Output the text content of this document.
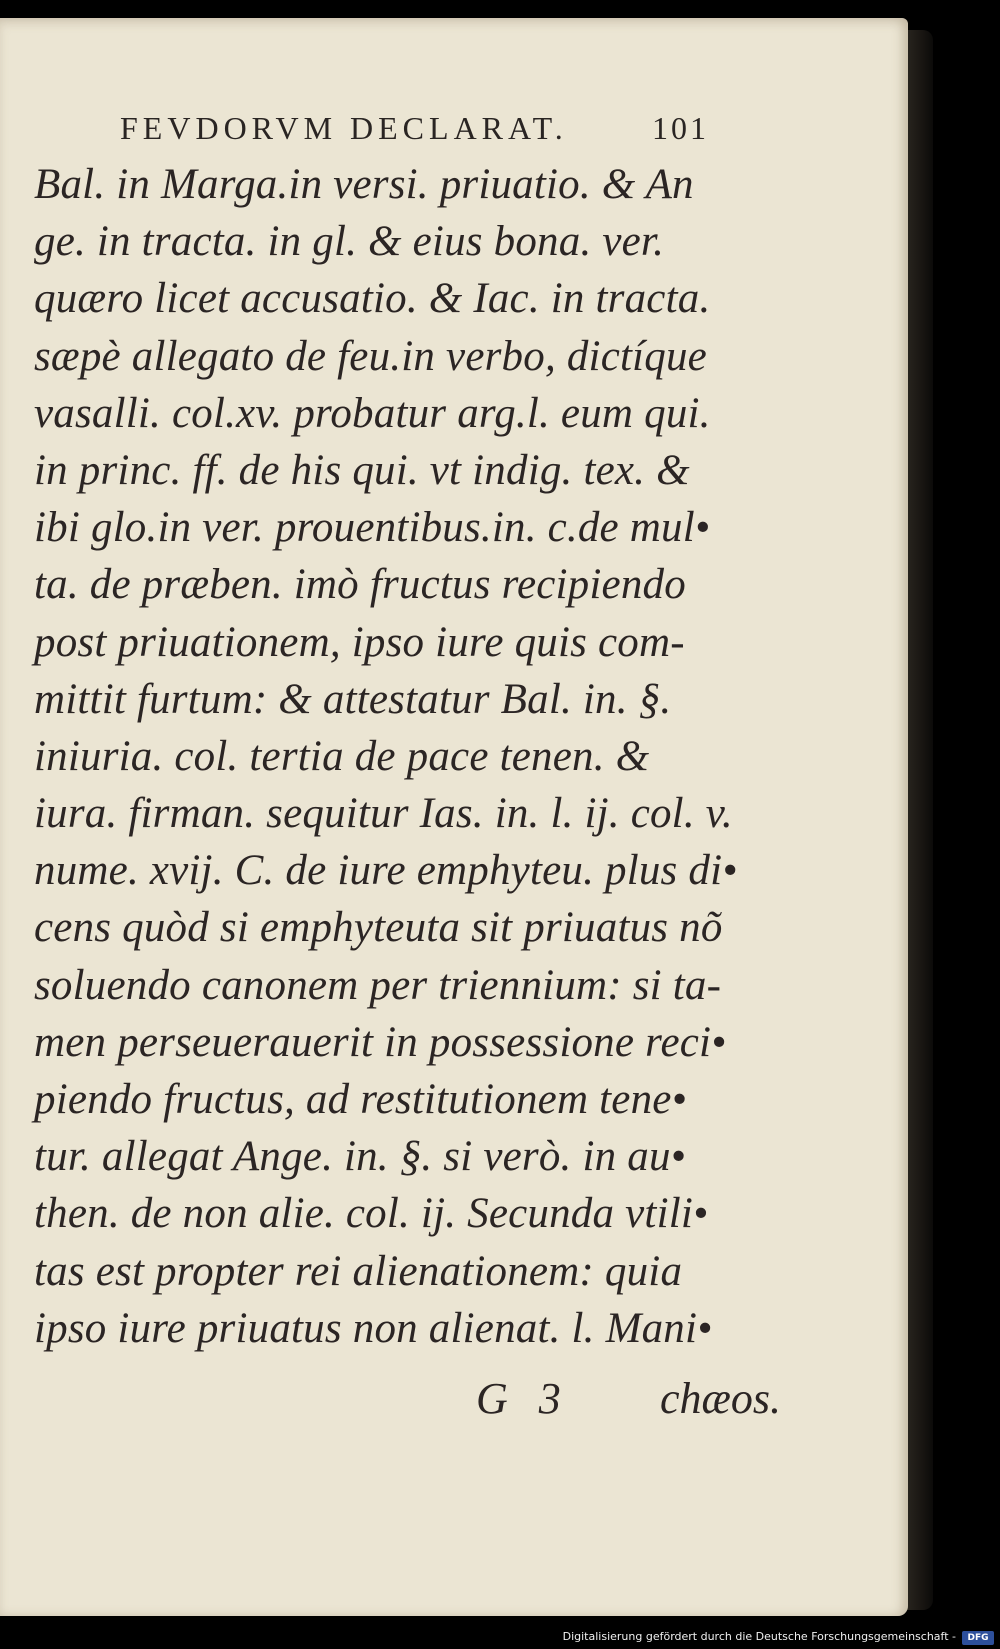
FEVDORVM DECLARAT.	101
Bal. in Marga.in versi. priuatio. & An
ge. in tracta. in gl. & eius bona. ver.
quæro licet accusatio. & Iac. in tracta.
sæpè allegato de feu.in verbo, dictíque
vasalli. col.xv. probatur arg.l. eum qui.
in princ. ff. de his qui. vt indig. tex. &
ibi glo.in ver. prouentibus.in. c.de mul•
ta. de præben. imò fructus recipiendo
post priuationem, ipso iure quis com-
mittit furtum: & attestatur Bal. in. §.
iniuria. col. tertia de pace tenen. &
iura. firman. sequitur Ias. in. l. ij. col. v.
nume. xvij. C. de iure emphyteu. plus di•
cens quòd si emphyteuta sit priuatus nõ
soluendo canonem per triennium: si ta-
men perseuerauerit in possessione reci•
piendo fructus, ad restitutionem tene•
tur. allegat Ange. in. §. si verò. in au•
then. de non alie. col. ij. Secunda vtili•
tas est propter rei alienationem: quia
ipso iure priuatus non alienat. l. Mani•
G 3 chæos.
Digitalisierung gefördert durch die Deutsche Forschungsgemeinschaft -	DFG
